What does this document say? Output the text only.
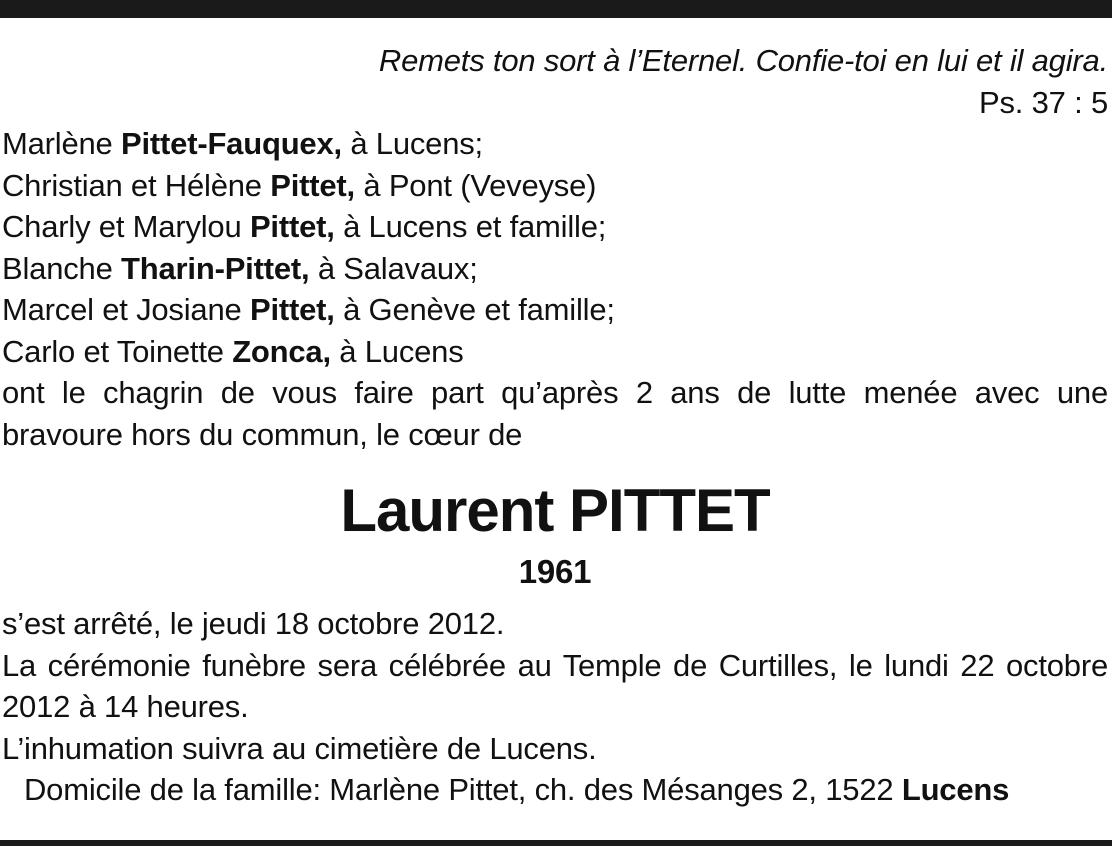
Remets ton sort à l’Eternel. Confie-toi en lui et il agira.
Ps. 37 : 5
Marlène Pittet-Fauquex, à Lucens;
Christian et Hélène Pittet, à Pont (Veveyse)
Charly et Marylou Pittet, à Lucens et famille;
Blanche Tharin-Pittet, à Salavaux;
Marcel et Josiane Pittet, à Genève et famille;
Carlo et Toinette Zonca, à Lucens
ont le chagrin de vous faire part qu’après 2 ans de lutte menée avec une bravoure hors du commun, le cœur de
Laurent PITTET
1961
s’est arrêté, le jeudi 18 octobre 2012.
La cérémonie funèbre sera célébrée au Temple de Curtilles, le lundi 22 octobre 2012 à 14 heures.
L’inhumation suivra au cimetière de Lucens.
Domicile de la famille: Marlène Pittet, ch. des Mésanges 2, 1522 Lucens
